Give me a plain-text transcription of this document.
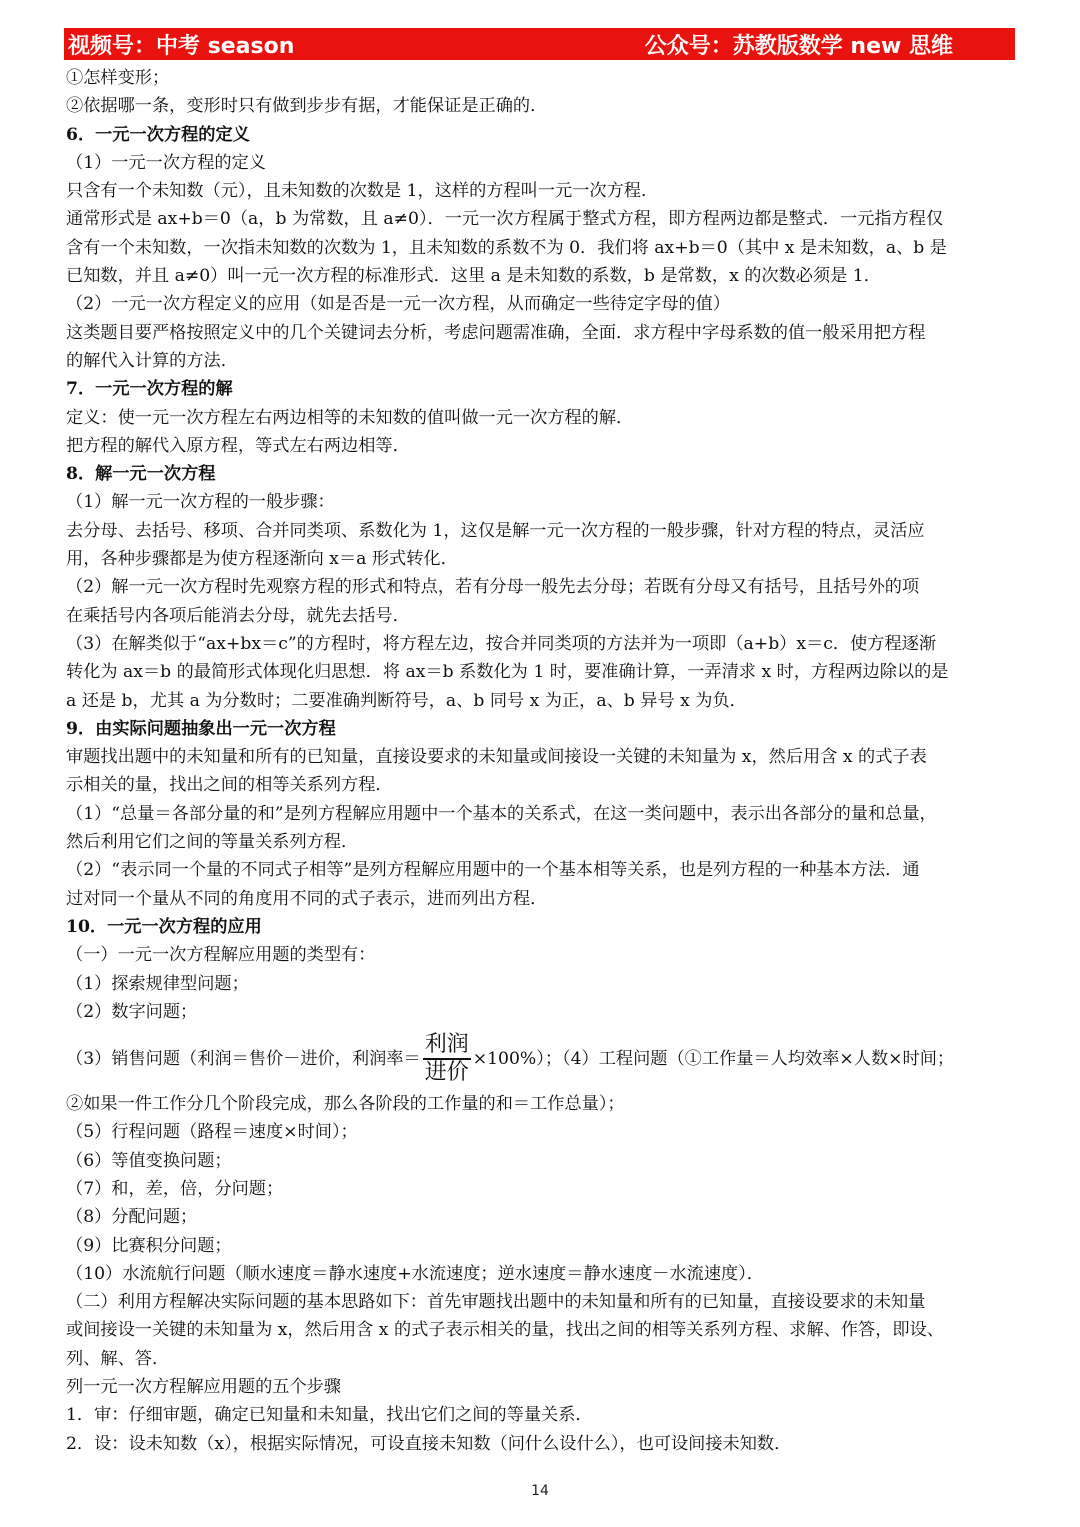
视频号：中考 season	公众号：苏教版数学 new 思维
①怎样变形；
②依据哪一条，变形时只有做到步步有据，才能保证是正确的．
6．一元一次方程的定义
（1）一元一次方程的定义
只含有一个未知数（元），且未知数的次数是 1，这样的方程叫一元一次方程．
通常形式是 ax+b＝0（a，b 为常数，且 a≠0）．一元一次方程属于整式方程，即方程两边都是整式．一元指方程仅
含有一个未知数，一次指未知数的次数为 1，且未知数的系数不为 0．我们将 ax+b＝0（其中 x 是未知数，a、b 是
已知数，并且 a≠0）叫一元一次方程的标准形式．这里 a 是未知数的系数，b 是常数，x 的次数必须是 1．
（2）一元一次方程定义的应用（如是否是一元一次方程，从而确定一些待定字母的值）
这类题目要严格按照定义中的几个关键词去分析，考虑问题需准确，全面．求方程中字母系数的值一般采用把方程
的解代入计算的方法．
7．一元一次方程的解
定义：使一元一次方程左右两边相等的未知数的值叫做一元一次方程的解．
把方程的解代入原方程，等式左右两边相等．
8．解一元一次方程
（1）解一元一次方程的一般步骤：
去分母、去括号、移项、合并同类项、系数化为 1，这仅是解一元一次方程的一般步骤，针对方程的特点，灵活应
用，各种步骤都是为使方程逐渐向 x＝a 形式转化．
（2）解一元一次方程时先观察方程的形式和特点，若有分母一般先去分母；若既有分母又有括号，且括号外的项
在乘括号内各项后能消去分母，就先去括号．
（3）在解类似于“ax+bx＝c”的方程时，将方程左边，按合并同类项的方法并为一项即（a+b）x＝c．使方程逐渐
转化为 ax＝b 的最简形式体现化归思想．将 ax＝b 系数化为 1 时，要准确计算，一弄清求 x 时，方程两边除以的是
a 还是 b，尤其 a 为分数时；二要准确判断符号，a、b 同号 x 为正，a、b 异号 x 为负．
9．由实际问题抽象出一元一次方程
审题找出题中的未知量和所有的已知量，直接设要求的未知量或间接设一关键的未知量为 x，然后用含 x 的式子表
示相关的量，找出之间的相等关系列方程．
（1）“总量＝各部分量的和”是列方程解应用题中一个基本的关系式，在这一类问题中，表示出各部分的量和总量，
然后利用它们之间的等量关系列方程．
（2）“表示同一个量的不同式子相等”是列方程解应用题中的一个基本相等关系，也是列方程的一种基本方法．通
过对同一个量从不同的角度用不同的式子表示，进而列出方程．
10．一元一次方程的应用
（一）一元一次方程解应用题的类型有：
（1）探索规律型问题；
（2）数字问题；
（3）销售问题（利润＝售价－进价，利润率＝ $\frac{\text{利润}}{\text{进价}} \times 100\%$）；（4）工程问题（①工作量＝人均效率×人数×时间；
②如果一件工作分几个阶段完成，那么各阶段的工作量的和＝工作总量）；
（5）行程问题（路程＝速度×时间）；
（6）等值变换问题；
（7）和，差，倍，分问题；
（8）分配问题；
（9）比赛积分问题；
（10）水流航行问题（顺水速度＝静水速度+水流速度；逆水速度＝静水速度－水流速度）．
（二）利用方程解决实际问题的基本思路如下：首先审题找出题中的未知量和所有的已知量，直接设要求的未知量
或间接设一关键的未知量为 x，然后用含 x 的式子表示相关的量，找出之间的相等关系列方程、求解、作答，即设、
列、解、答．
列一元一次方程解应用题的五个步骤
1．审：仔细审题，确定已知量和未知量，找出它们之间的等量关系．
2．设：设未知数（x），根据实际情况，可设直接未知数（问什么设什么），也可设间接未知数．
14
